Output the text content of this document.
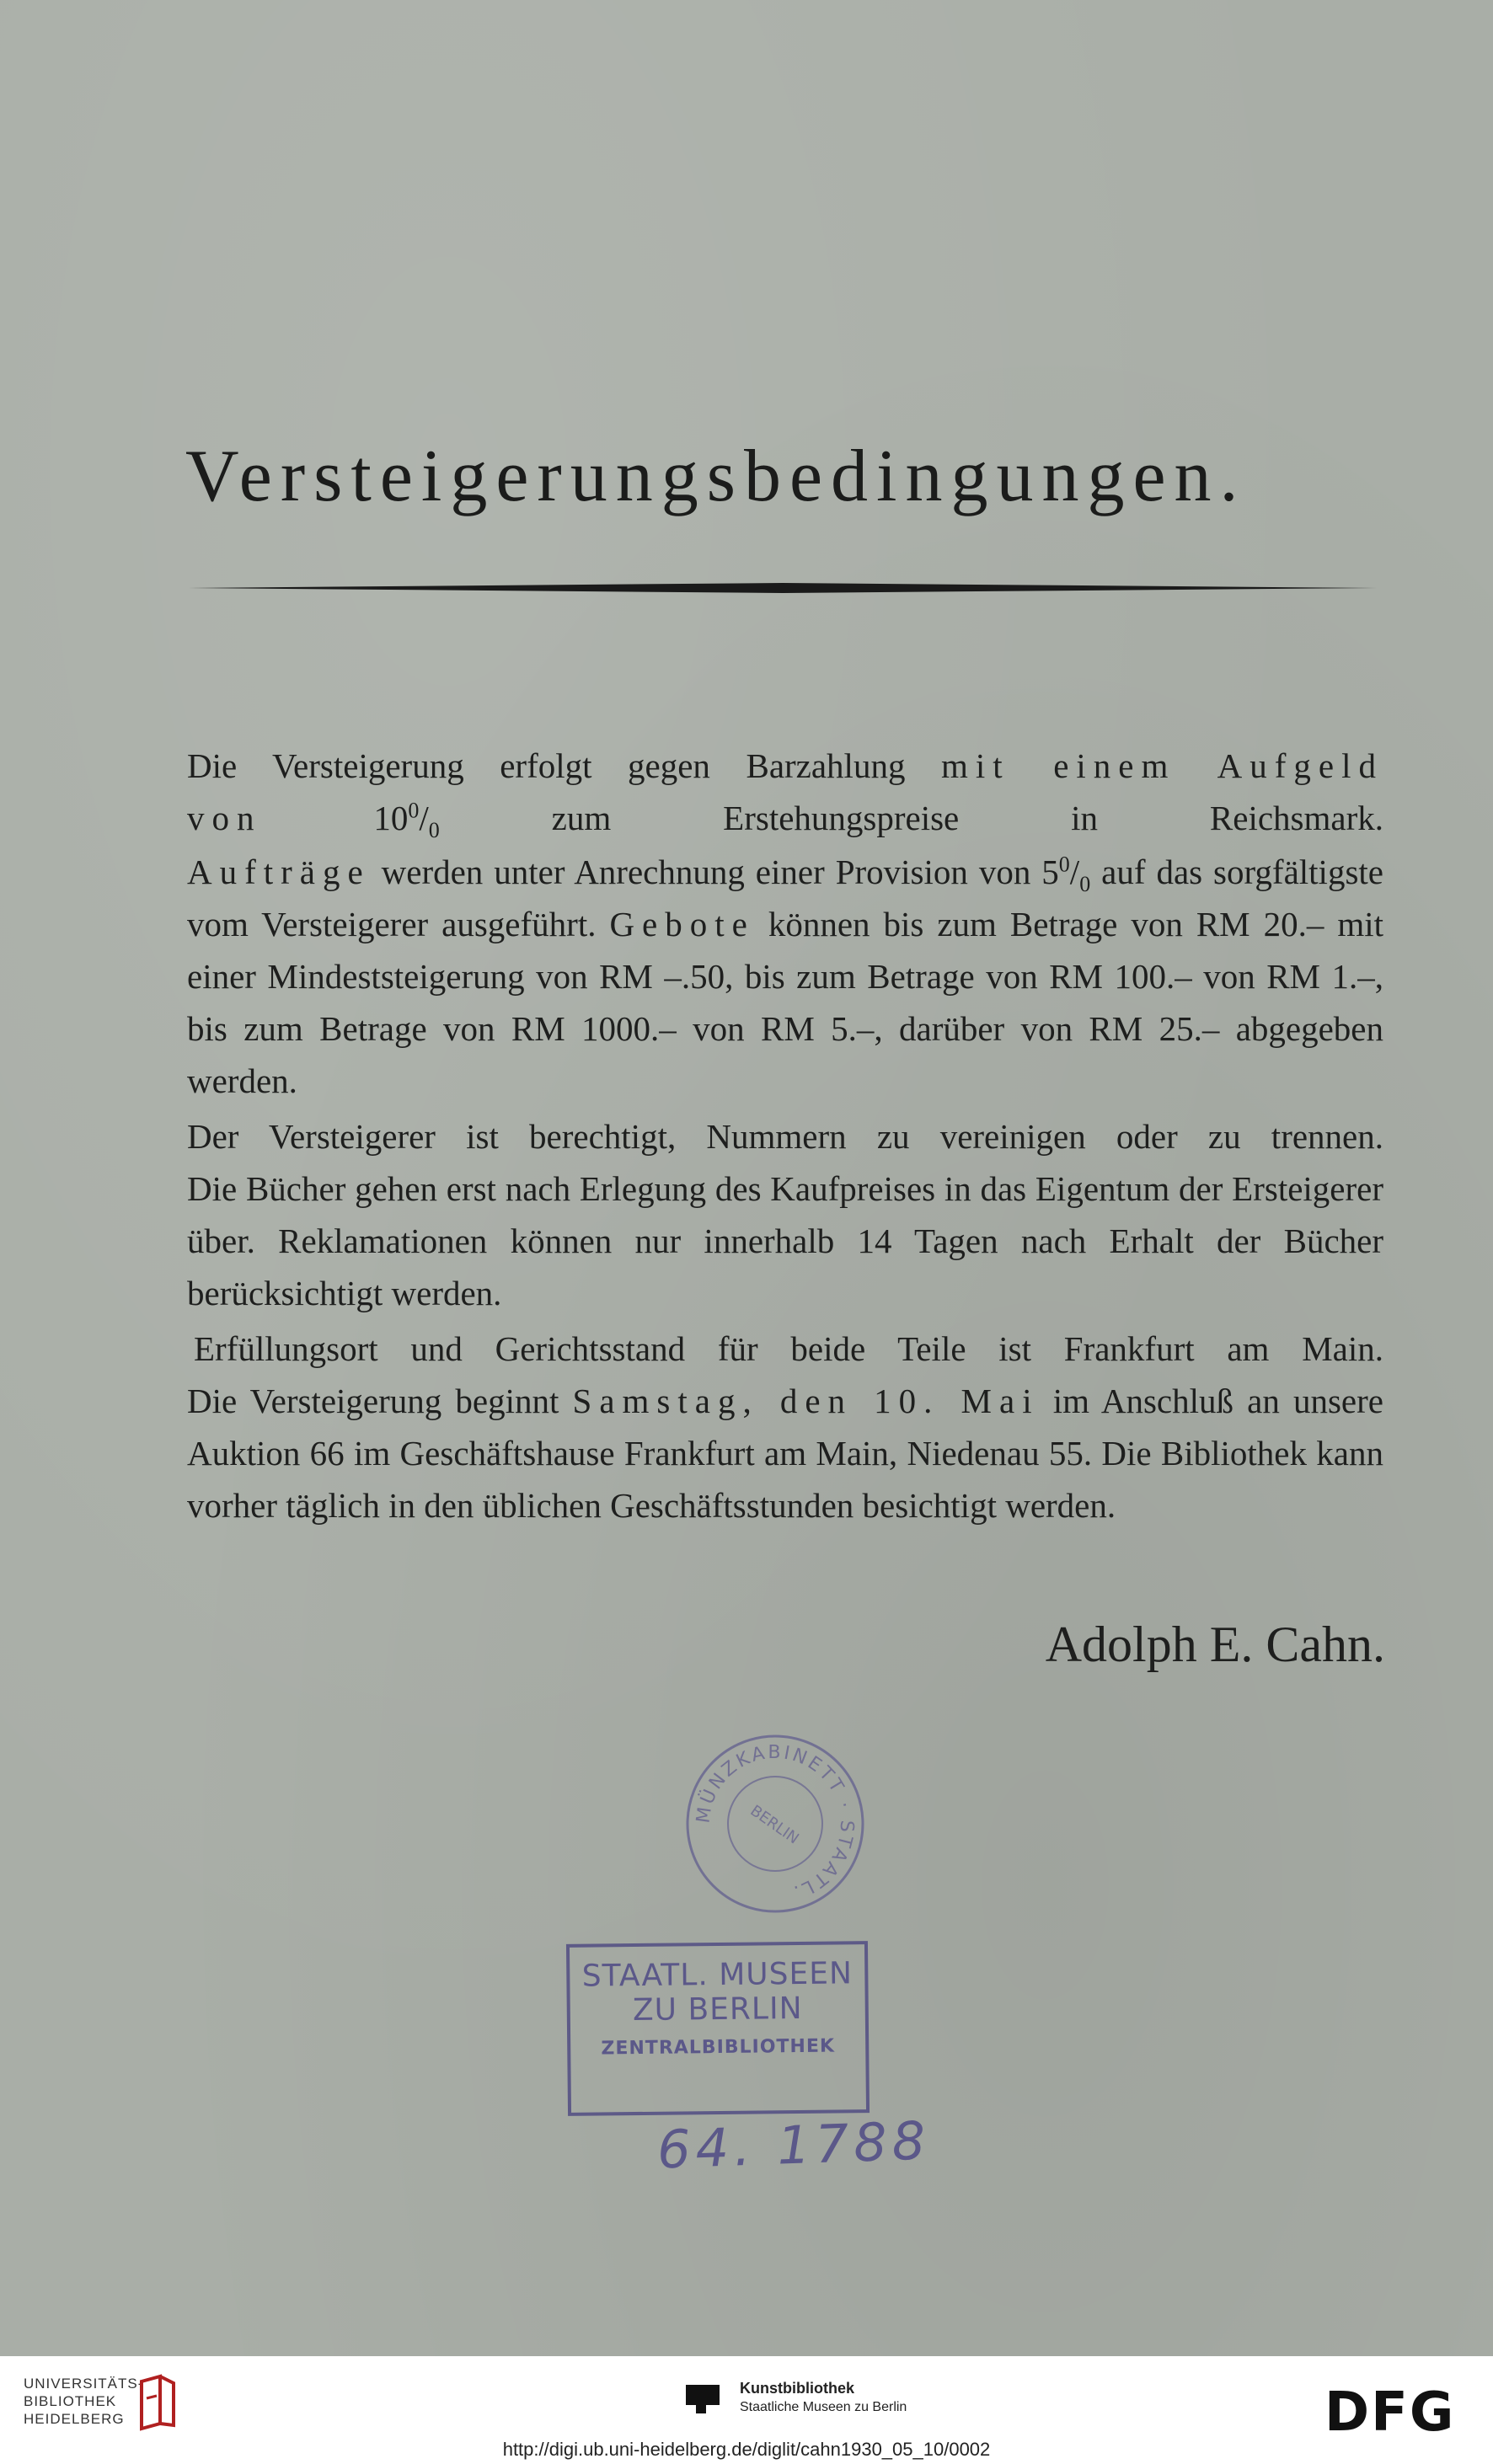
Versteigerungsbedingungen.
Die Versteigerung erfolgt gegen Barzahlung mit einem Aufgeld
von	$10^0/_0$ zum Erstehungspreise in Reichsmark.
Aufträge werden unter Anrechnung einer Provision von $5^0/_0$ auf das sorgfältigste vom Versteigerer ausgeführt. Gebote können bis zum Betrage von RM 20.– mit einer Mindeststeigerung von RM –.50, bis zum Betrage von RM 100.– von RM 1.–, bis zum Betrage von RM 1000.– von RM 5.–, darüber von RM 25.– abgegeben werden.
Der Versteigerer ist berechtigt, Nummern zu vereinigen oder zu trennen.
Die Bücher gehen erst nach Erlegung des Kaufpreises in das Eigentum der Ersteigerer über. Reklamationen können nur innerhalb 14 Tagen nach Erhalt der Bücher berücksichtigt werden.
Erfüllungsort und Gerichtsstand für beide Teile ist Frankfurt am Main.
Die Versteigerung beginnt Samstag, den 10. Mai im Anschluß an unsere Auktion 66 im Geschäftshause Frankfurt am Main, Niedenau 55. Die Bibliothek kann vorher täglich in den üblichen Geschäftsstunden besichtigt werden.
Adolph E. Cahn.
MÜNZKABINETT · STAATL.
BERLIN
STAATL. MUSEEN
ZU BERLIN
ZENTRALBIBLIOTHEK
64. 1788
UNIVERSITÄTS-
BIBLIOTHEK
HEIDELBERG
Kunstbibliothek
Staatliche Museen zu Berlin	DFG
http://digi.ub.uni-heidelberg.de/diglit/cahn1930_05_10/0002
